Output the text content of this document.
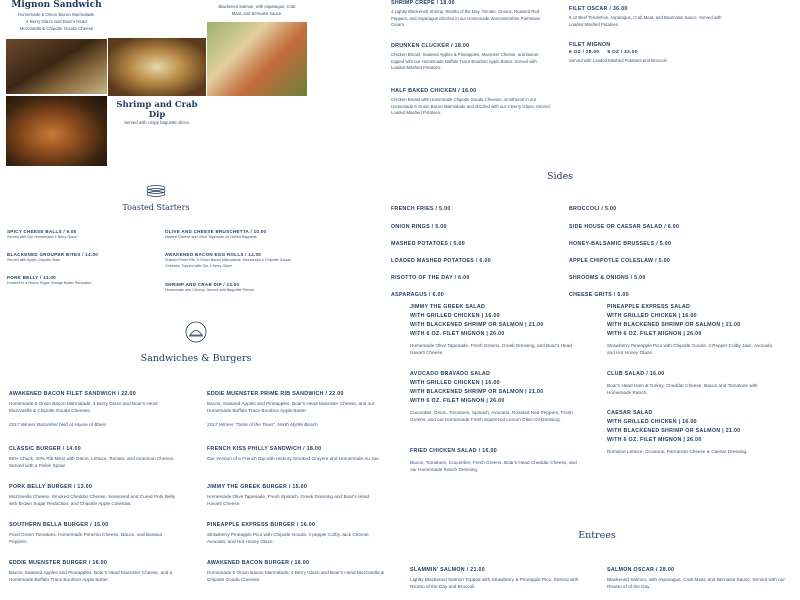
Mignon Sandwich
Homemade 5 Onion Bacon Marmalade, 4 Berry Glaze and Boar's Head Mozzarella & Chipotle Gouda Cheese
Shrimp and Crab Dip
Served with crispy baguette slices.
Blackened Salmon, with Asparagus, Crab Meat, and Bernaise Sauce.
SHRIMP CREPE / 18.00
4 Lightly Blackened Shrimp, Risotto of the Day, Tomato, Onions, Roasted Red Peppers, and Asparagus drizzled in our Homemade Worcestershire Parmesan Cream.
DRUNKEN CLUCKER / 18.00
Chicken Breast, Sauteed Apples & Pineapples, Muenster Cheese, and Bacon, topped with our Homemade Buffalo Trace Bourbon Apple Butter. Served with Loaded Mashed Potatoes.
HALF BAKED CHICKEN / 18.00
Chicken Breast with Homemade Chipotle Gouda Cheeses, smothered in our Homemade 5 Onion Bacon Marmalade and drizzled with our 4 Berry Glaze. Served Loaded Mashed Potatoes.
FILET OSCAR / 36.00
6 oz Beef Tenderloin, Asparagus, Crab Meat, and Bearnaise Sauce. Served with Loaded Mashed Potatoes.
FILET MIGNON
6 OZ / 28.00     8 OZ / 32.00
Served with Loaded Mashed Potatoes and Broccoli.
Sides
FRENCH FRIES / 5.00
ONION RINGS / 5.00
MASHED POTATOES / 5.00
LOADED MASHED POTATOES / 6.00
RISOTTO OF THE DAY / 6.00
ASPARAGUS / 6.00
BROCCOLI / 5.00
SIDE HOUSE OR CAESAR SALAD / 6.00
HONEY-BALSAMIC BRUSSELS / 5.00
APPLE CHIPOTLE COLESLAW / 5.00
SHROOMS & ONIONS / 5.00
CHEESE GRITS / 5.00
Toasted Starters
SPICY CHEESE BALLS / 9.00
Served with Our Homemade 4 Berry Glaze
BLACKENED GROUPER BITES / 14.00
Served with Apple Chipotle Slaw
PORK BELLY / 13.00
Drizzled in a Brown Sugar Orange Butter Reduction
OLIVE AND CHEESE BRUSCHETTA / 10.00
Havarti Cheese and Olive Tapenade on Grilled Baguette
AWAKENED BACON EGG ROLLS / 14.00
Shaved Prime Rib, 5 Onion Bacon Marmalade, Mozzarella & Chipotle Gouda Cheeses, Topped with Our 4 Berry Glaze.
SHRIMP AND CRAB DIP / 14.00
Homemade and Chunky. Served with Baguette Pieces.
Sandwiches & Burgers
AWAKENED BACON FILET SANDWICH / 22.00
Homemade 5 Onion Bacon Marmalade, 4 Berry Glaze and Boar's Head Mozzarella & Chipotle Gouda Cheeses.
2017 Winner Baconfest held at House of Blues
CLASSIC BURGER / 14.00
80% Chuck, 20% Rib Meat with Onion, Lettuce, Tomato, and American Cheese. Served with a Pickle Spear.
PORK BELLY BURGER / 13.00
Mozzarella Cheese, Smoked Cheddar Cheese, Seasoned and Cured Pork Belly with Brown Sugar Reduction, and Chipotle Apple Coleslaw.
SOUTHERN BELLA BURGER / 15.00
Fried Green Tomatoes, Homemade Pimento Cheese, Bacon, and Banana Peppers.
EDDIE MUENSTER BURGER / 16.00
Bacon, Sauteed Apples and Pineapples, Boar's Head Muenster Cheese, and a Homemade Buffalo Trace Bourbon Apple Butter.
EDDIE MUENSTER PRIME RIB SANDWICH / 22.00
Bacon, Sauteed Apples and Pineapples, Boar's Head Muenster Cheese, and our Homemade Buffalo Trace Bourbon Apple Butter.
2017 Winner "Taste of the Town", North Myrtle Beach
FRENCH KISS PHILLY SANDWICH / 18.00
Our Version of a French Dip with Hickory Smoked Gruyere and Homemade Au Jus.
JIMMY THE GREEK BURGER / 15.00
Homemade Olive Tapenade, Fresh Spinach, Greek Dressing and Boar's Head Havarti Cheese.
PINEAPPLE EXPRESS BURGER / 16.00
Strawberry Pineapple Pico with Chipotle Gouda, 3 pepper Colby Jack Cheese, Avocado, and Hot Honey Glaze.
AWAKENED BACON BURGER / 16.00
Homemade 5 Onion Bacon Marmalade, 4 Berry Glaze and Boar's Head Mozzarella & Chipotle Gouda Cheeses.
JIMMY THE GREEK SALAD
WITH GRILLED CHICKEN | 16.00
WITH BLACKENED SHRIMP OR SALMON | 21.00
WITH 6 OZ. FILET MIGNON | 26.00
Homemade Olive Tapenade, Fresh Greens, Greek Dressing, and Boar's Head Havarti Cheese.
AVOCADO BRAVADO SALAD
WITH GRILLED CHICKEN | 16.00
WITH BLACKENED SHRIMP OR SALMON | 21.00
WITH 6 OZ. FILET MIGNON | 26.00
Cucumber, Onion, Tomatoes, Spinach, Avocado, Roasted Red Peppers, Fresh Greens, and our Homemade Fresh Squeezed Lemon Olive Oil Dressing.
FRIED CHICKEN SALAD / 16.00
Bacon, Tomatoes, Cucumber, Fresh Greens, Boar's Head Cheddar Cheese, and our Homemade Ranch Dressing.
PINEAPPLE EXPRESS SALAD
WITH GRILLED CHICKEN | 16.00
WITH BLACKENED SHRIMP OR SALMON | 21.00
WITH 6 OZ. FILET MIGNON | 26.00
Strawberry Pineapple Pico with Chipotle Gouda, 3 Pepper Colby Jack, Avocado, and Hot Honey Glaze.
CLUB SALAD / 16.00
Boar's Head Ham & Turkey, Cheddar Cheese, Bacon and Tomatoes with Homemade Ranch.
CAESAR SALAD
WITH GRILLED CHICKEN | 16.00
WITH BLACKENED SHRIMP OR SALMON | 21.00
WITH 6 OZ. FILET MIGNON | 26.00
Romaine Lettuce, Croutons, Parmesan Cheese & Caesar Dressing.
Entrees
SLAMMIN' SALMON / 21.00
Lightly Blackened Salmon Topped with Strawberry & Pineapple Pico. Served with Risotto of the Day and Broccoli.
SALMON OSCAR / 28.00
Blackened Salmon, with Asparagus, Crab Meat, and Bernaise Sauce. Served with our Risotto of of the Day.
